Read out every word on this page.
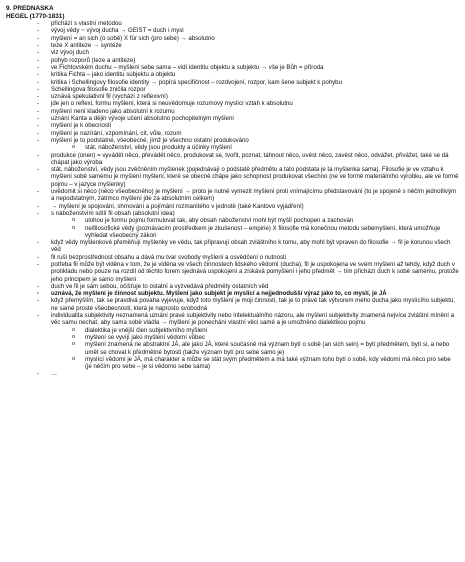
9. PREDNASKA
HEGEL (1770-1831)
- přichází s vlastní metodou
- vývoj vědy ~ vývoj ducha → GEIST = duch i mysl
- myšlení = an sich (o sobě) X für sich (pro sebe) → absolutno
- teze X antiteze → syntéze
- viz vývoj duch
- pohyb rozporů (teze a antiteze)
- ve Fichtovském duchu – myšlení sebe sama – vidí identitu objektu a subjektu → vše je Bůh = příroda
- kritika Fichta – jako identitu subjektu a objektu
- kritika i Schellingovy filosofie identity → popírá specifičnost – rozdvojení, rozpor, kam šene subjekt k pohybu
- Schellingova filosofie zničila rozpor
- uznává spekulativní fil (vychází z reflexivní)
- jde jen o reflexi, formu myšlení, která si neuvědomuje rozumový myslící vztah k absolutnu
- myšlení není kladeno jako absolutní k rozumu
- uznání Kanta a dějin vývoje učení absolutno pochopitelným myšlení
- myšlení je k obecnosti
- myšlení je nazírání, vzpomínání, cit, vůle, rozum
- myšlení je to podstatné, všeobecné, jímž je všechno ostatní produkováno
o stát, náboženství, vědy jsou produkty a účinky myšlení
- produkce (onen) = vyvádět něco, převádět něco, produkovat se, tvořit, poznat, táhnout něco, uvést něco, zavést něco, odvážet, přivážet, také se dá chápat jako výroba
- stát, náboženství, vědy jsou zvěčněním myšlenek (pojednávají o podstatě předmětu a tato podstata je ta myšlenka sama). Filosofie je ve vztahu k myšlení sobě samému je myšlení myšlení, které se obecně chápe jako schopnost produkovat všechno (ne ve formě materiálního výrobku, ale ve formě pojmu – v jazyce myšlenky)
- uvědomit si něco (něco všeobecného) je myšlení → proto je nutné vymezit myšlení proti vnímajícímu představování (to je spojené s něčím jednotlivým a nepodstatným, zatímco myšlení jde za absolutním celkem)
- → myšlení je spojování, shrnování a pojímání rozmanitého v jednotě (také Kantovo vyjádření)
- s náboženstvím sdílí fil obsah (absolutní idea)
o ulohou je formu pojmu formulovat tak, aby obsah náboženství mohl být myšlí pochopen a zachován
o neifilosofické vědy (poznávacím prostředkem je zkušenost – empirie) X filosofie má konečnou metodu sebemyšlení, která umožňuje vyhledat všeobecný zákon
- když vědy myšlenkové přeměňují myšlenky ve vědu, tak připravují obsah zvláštního k tomu, aby mohl být vpraven do filosofie → fil je korunou všech věd
- fil ruší bezprostřednost obsahu a dává mu tvar svobody myšlení a osvědčení o nutnosti
- potřeba fil může být viděna v tom, že je viděna ve všech činnostech lidského vědomí (ducha), fil je uspokojena ve svém myšlení až tehdy, když duch v protikladu nebo pouze na rozdíl od těchto forem sjednává uspokojení a získává pomyšlení i jeho předmět → tím přichází duch k sobě samému, protože jeho principem je samo myšlení
- duch ve fil je sám sebou, očišťuje to ostatní a vyzvedává předměty ostatních věd
- uznává, že myšlení je činnost subjektu. Myšlení jako subjekt je myslící a nejjednodušší výraz jako to, co myslí, je JÁ
- když přemýšlím, tak se pravdivá povaha vyjevuje, když toto myšlení je moji činností, tak je to právě tak výtvorem mého ducha jako myslícího subjektu, ne samé prosté všeobecnosti, která je naprosto svobodná
- individualita subjektivity neznamená uznání pravé subjektivity nebo intelektuálního názoru, ale myšlení subjektivity znamená nejvíce zvláštní mínění a věc samu nechat, aby sama sobě vládla → myšlení je ponechání vlastní věci samé a je umožněno dialektikou pojmu
o dialektika je vnější člen subjektivního myšlení
o myšlení se vyvíjí jako myšlení vědomí vůbec
o myšlení znamená ne abstraktní JÁ, ale jako JÁ, které současně má význam bytí o sobě (an sich sein) = bytí předmětem, bytí si, a nebo umět se chovat k předmětné bytosti (takže význam bytí pro sebe samo je)
o myslící vědomí je JÁ, má charakter a může se stát svým předmětem a má také význam toho bytí o sobě, kdy vědomí má něco pro sebe (je něčím pro sebe – je si vědomo sebe sama)
- …
